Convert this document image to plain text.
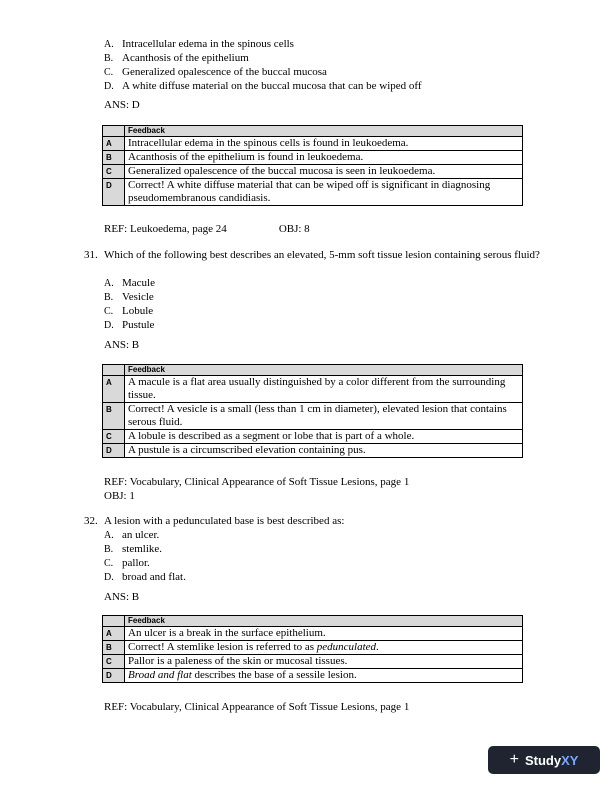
A. Intracellular edema in the spinous cells
B. Acanthosis of the epithelium
C. Generalized opalescence of the buccal mucosa
D. A white diffuse material on the buccal mucosa that can be wiped off
ANS: D
	Feedback
A	Intracellular edema in the spinous cells is found in leukoedema.
B	Acanthosis of the epithelium is found in leukoedema.
C	Generalized opalescence of the buccal mucosa is seen in leukoedema.
D	Correct! A white diffuse material that can be wiped off is significant in diagnosing pseudomembranous candidiasis.
REF: Leukoedema, page 24	OBJ: 8
31. Which of the following best describes an elevated, 5-mm soft tissue lesion containing serous fluid?
A. Macule
B. Vesicle
C. Lobule
D. Pustule
ANS: B
	Feedback
A	A macule is a flat area usually distinguished by a color different from the surrounding tissue.
B	Correct! A vesicle is a small (less than 1 cm in diameter), elevated lesion that contains serous fluid.
C	A lobule is described as a segment or lobe that is part of a whole.
D	A pustule is a circumscribed elevation containing pus.
REF: Vocabulary, Clinical Appearance of Soft Tissue Lesions, page 1
OBJ: 1
32. A lesion with a pedunculated base is best described as:
A. an ulcer.
B. stemlike.
C. pallor.
D. broad and flat.
ANS: B
	Feedback
A	An ulcer is a break in the surface epithelium.
B	Correct! A stemlike lesion is referred to as pedunculated.
C	Pallor is a paleness of the skin or mucosal tissues.
D	Broad and flat describes the base of a sessile lesion.
REF: Vocabulary, Clinical Appearance of Soft Tissue Lesions, page 1
+ StudyXY
